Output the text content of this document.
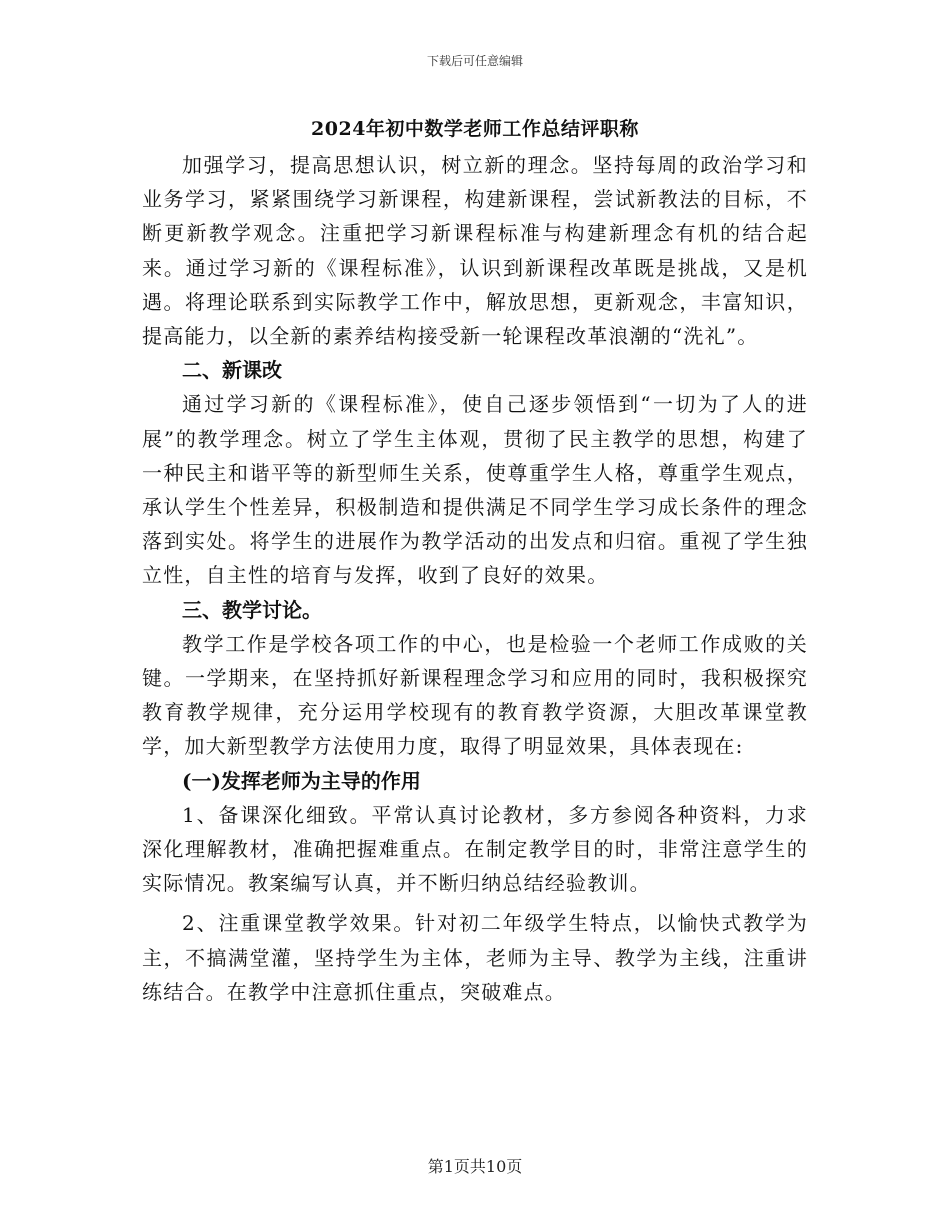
下载后可任意编辑
2024年初中数学老师工作总结评职称

加强学习，提高思想认识，树立新的理念。坚持每周的政治学习和业务学习，紧紧围绕学习新课程，构建新课程，尝试新教法的目标，不断更新教学观念。注重把学习新课程标准与构建新理念有机的结合起来。通过学习新的《课程标准》，认识到新课程改革既是挑战，又是机遇。将理论联系到实际教学工作中，解放思想，更新观念，丰富知识，提高能力，以全新的素养结构接受新一轮课程改革浪潮的“洗礼”。

二、新课改

通过学习新的《课程标准》，使自己逐步领悟到“一切为了人的进展”的教学理念。树立了学生主体观，贯彻了民主教学的思想，构建了一种民主和谐平等的新型师生关系，使尊重学生人格，尊重学生观点，承认学生个性差异，积极制造和提供满足不同学生学习成长条件的理念落到实处。将学生的进展作为教学活动的出发点和归宿。重视了学生独立性，自主性的培育与发挥，收到了良好的效果。

三、教学讨论。

教学工作是学校各项工作的中心，也是检验一个老师工作成败的关键。一学期来，在坚持抓好新课程理念学习和应用的同时，我积极探究教育教学规律，充分运用学校现有的教育教学资源，大胆改革课堂教学，加大新型教学方法使用力度，取得了明显效果，具体表现在:

(一)发挥老师为主导的作用

1、备课深化细致。平常认真讨论教材，多方参阅各种资料，力求深化理解教材，准确把握难重点。在制定教学目的时，非常注意学生的实际情况。教案编写认真，并不断归纳总结经验教训。

2、注重课堂教学效果。针对初二年级学生特点，以愉快式教学为主，不搞满堂灌，坚持学生为主体，老师为主导、教学为主线，注重讲练结合。在教学中注意抓住重点，突破难点。

第1页共10页
